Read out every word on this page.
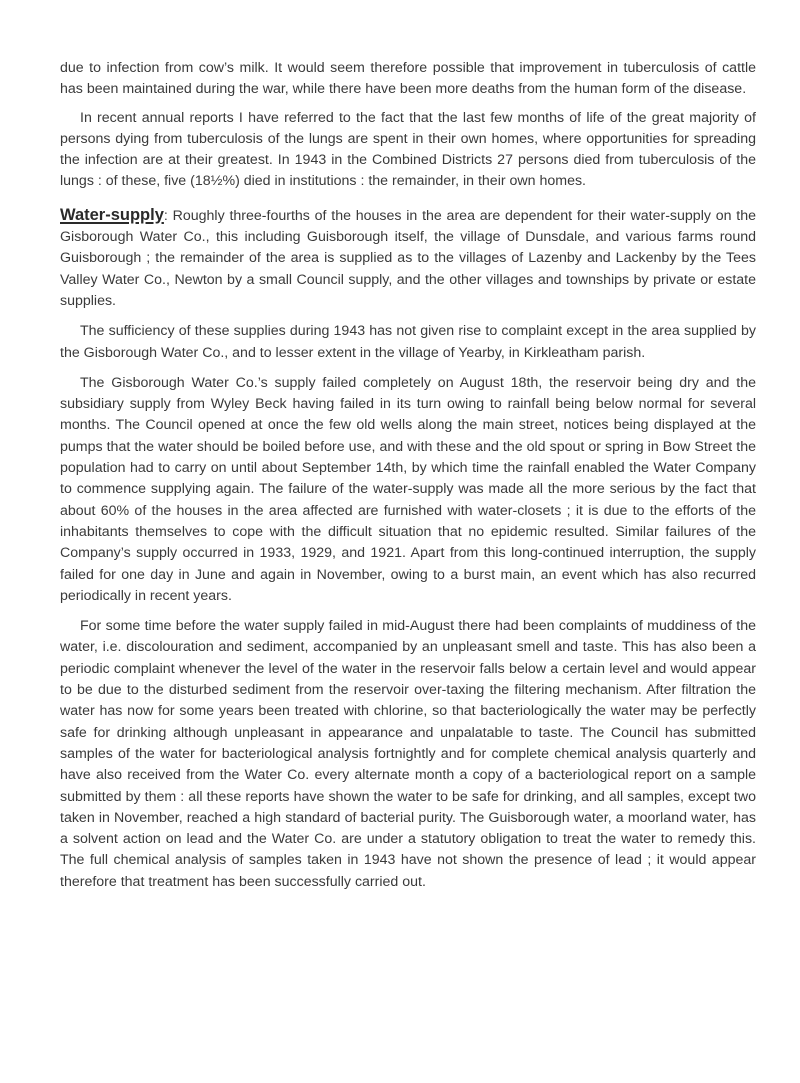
due to infection from cow’s milk. It would seem therefore possible that improvement in tuberculosis of cattle has been maintained during the war, while there have been more deaths from the human form of the disease.

In recent annual reports I have referred to the fact that the last few months of life of the great majority of persons dying from tuberculosis of the lungs are spent in their own homes, where opportunities for spreading the infection are at their greatest. In 1943 in the Combined Districts 27 persons died from tuberculosis of the lungs : of these, five (18½%) died in institutions : the remainder, in their own homes.

Water-supply: Roughly three-fourths of the houses in the area are dependent for their water-supply on the Gisborough Water Co., this including Guisborough itself, the village of Dunsdale, and various farms round Guisborough ; the remainder of the area is supplied as to the villages of Lazenby and Lackenby by the Tees Valley Water Co., Newton by a small Council supply, and the other villages and townships by private or estate supplies.

The sufficiency of these supplies during 1943 has not given rise to complaint except in the area supplied by the Gisborough Water Co., and to lesser extent in the village of Yearby, in Kirkleatham parish.

The Gisborough Water Co.’s supply failed completely on August 18th, the reservoir being dry and the subsidiary supply from Wyley Beck having failed in its turn owing to rainfall being below normal for several months. The Council opened at once the few old wells along the main street, notices being displayed at the pumps that the water should be boiled before use, and with these and the old spout or spring in Bow Street the population had to carry on until about September 14th, by which time the rainfall enabled the Water Company to commence supplying again. The failure of the water-supply was made all the more serious by the fact that about 60% of the houses in the area affected are furnished with water-closets ; it is due to the efforts of the inhabitants themselves to cope with the difficult situation that no epidemic resulted. Similar failures of the Company’s supply occurred in 1933, 1929, and 1921. Apart from this long-continued interruption, the supply failed for one day in June and again in November, owing to a burst main, an event which has also recurred periodically in recent years.

For some time before the water supply failed in mid-August there had been complaints of muddiness of the water, i.e. discolouration and sediment, accompanied by an unpleasant smell and taste. This has also been a periodic complaint whenever the level of the water in the reservoir falls below a certain level and would appear to be due to the disturbed sediment from the reservoir over-taxing the filtering mechanism. After filtration the water has now for some years been treated with chlorine, so that bacteriologically the water may be perfectly safe for drinking although unpleasant in appearance and unpalatable to taste. The Council has submitted samples of the water for bacteriological analysis fortnightly and for complete chemical analysis quarterly and have also received from the Water Co. every alternate month a copy of a bacteriological report on a sample submitted by them : all these reports have shown the water to be safe for drinking, and all samples, except two taken in November, reached a high standard of bacterial purity. The Guisborough water, a moorland water, has a solvent action on lead and the Water Co. are under a statutory obligation to treat the water to remedy this. The full chemical analysis of samples taken in 1943 have not shown the presence of lead ; it would appear therefore that treatment has been successfully carried out.
